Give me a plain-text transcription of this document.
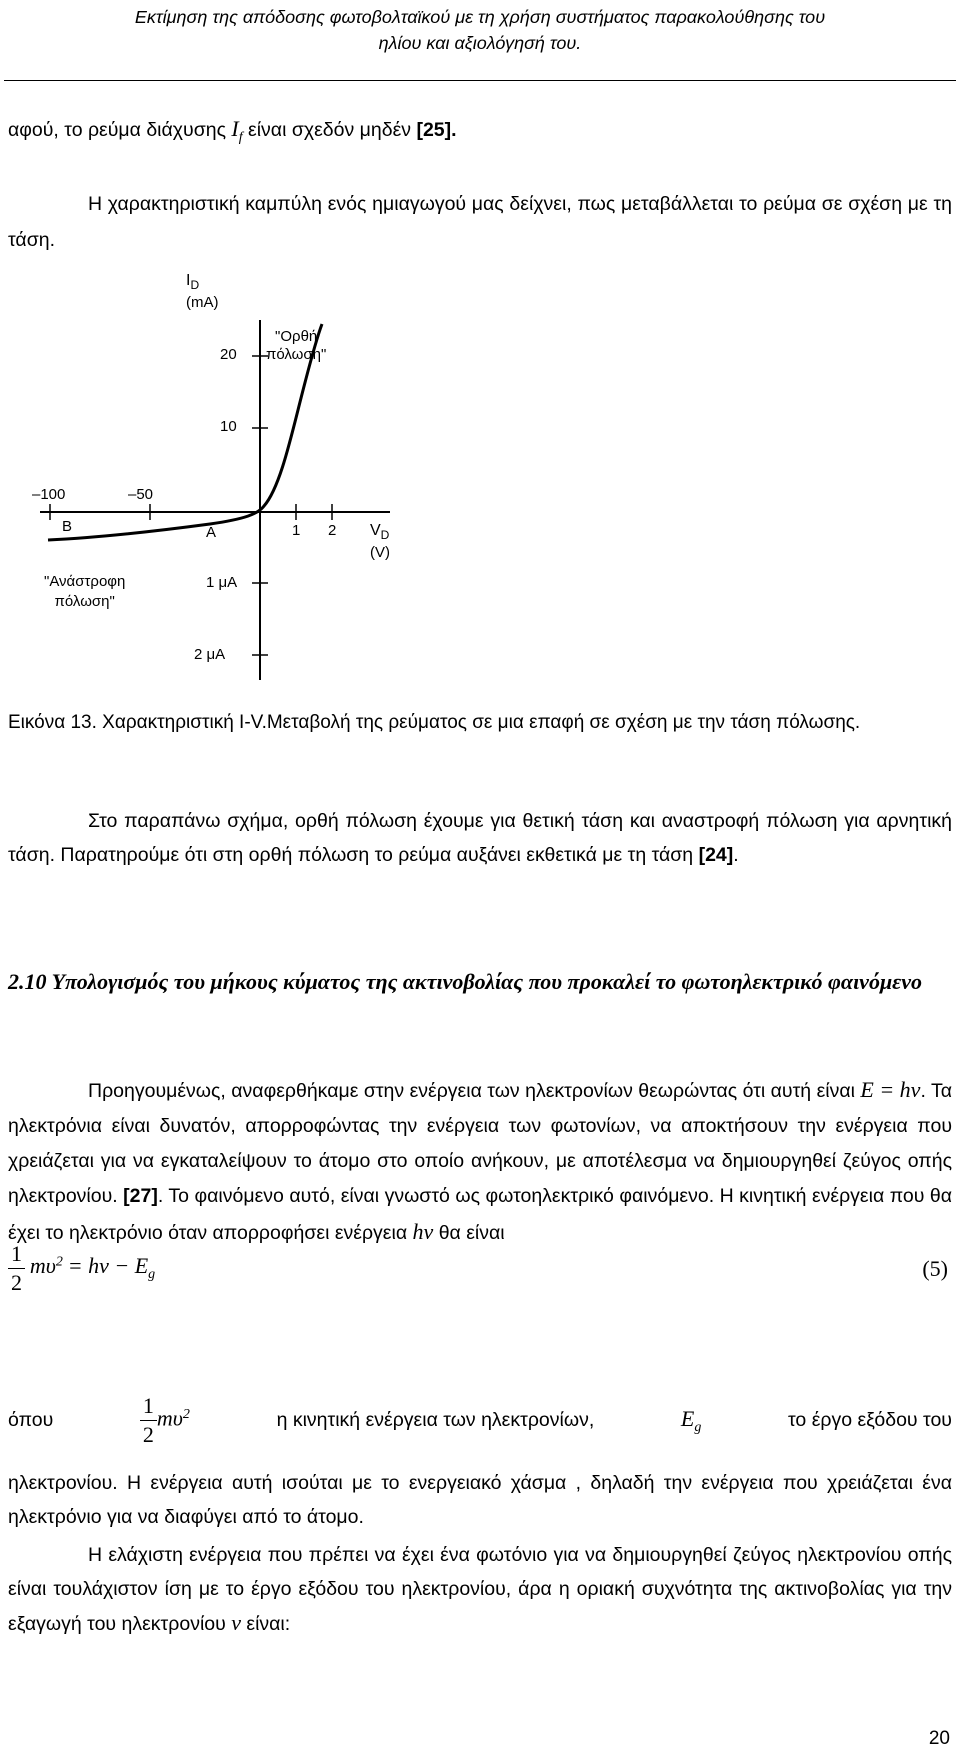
Εκτίμηση της απόδοσης φωτοβολταϊκού με τη χρήση συστήματος παρακολούθησης του
ηλίου και αξιολόγησή του.
αφού, το ρεύμα διάχυσης $I_f$ είναι σχεδόν μηδέν [25].
Η χαρακτηριστική καμπύλη ενός ημιαγωγού μας δείχνει, πως μεταβάλλεται το ρεύμα σε σχέση με τη τάση.
$I_D$
(mA)
"Ορθή
πόλωση"
20
10
–100	–50
B	A	1 2 $V_D$
(V)
"Ανάστροφη
πόλωση"
1 μA
2 μA
Εικόνα 13. Χαρακτηριστική I-V.Μεταβολή της ρεύματος σε μια επαφή σε σχέση με την τάση πόλωσης.
Στο παραπάνω σχήμα, ορθή πόλωση έχουμε για θετική τάση και αναστροφή πόλωση για αρνητική τάση. Παρατηρούμε ότι στη ορθή πόλωση το ρεύμα αυξάνει εκθετικά με τη τάση [24].
2.10 Υπολογισμός του μήκους κύματος της ακτινοβολίας που προκαλεί το φωτοηλεκτρικό φαινόμενο
Προηγουμένως, αναφερθήκαμε στην ενέργεια των ηλεκτρονίων θεωρώντας ότι αυτή είναι E = hν. Τα ηλεκτρόνια είναι δυνατόν, απορροφώντας την ενέργεια των φωτονίων, να αποκτήσουν την ενέργεια που χρειάζεται για να εγκαταλείψουν το άτομο στο οποίο ανήκουν, με αποτέλεσμα να δημιουργηθεί ζεύγος οπής ηλεκτρονίου. [27]. Το φαινόμενο αυτό, είναι γνωστό ως φωτοηλεκτρικό φαινόμενο. Η κινητική ενέργεια που θα έχει το ηλεκτρόνιο όταν απορροφήσει ενέργεια hν θα είναι
$\frac{1}{2} m\upsilon^2 = h\nu - E_g$	(5)
όπου	$\frac{1}{2} m\upsilon^2$	η κινητική ενέργεια των ηλεκτρονίων,	$E_g$	το έργο εξόδου του
ηλεκτρονίου. Η ενέργεια αυτή ισούται με το ενεργειακό χάσμα , δηλαδή την ενέργεια που χρειάζεται ένα ηλεκτρόνιο για να διαφύγει από το άτομο.
Η ελάχιστη ενέργεια που πρέπει να έχει ένα φωτόνιο για να δημιουργηθεί ζεύγος ηλεκτρονίου οπής είναι τουλάχιστον ίση με το έργο εξόδου του ηλεκτρονίου, άρα η οριακή συχνότητα της ακτινοβολίας για την εξαγωγή του ηλεκτρονίου ν είναι:
20
